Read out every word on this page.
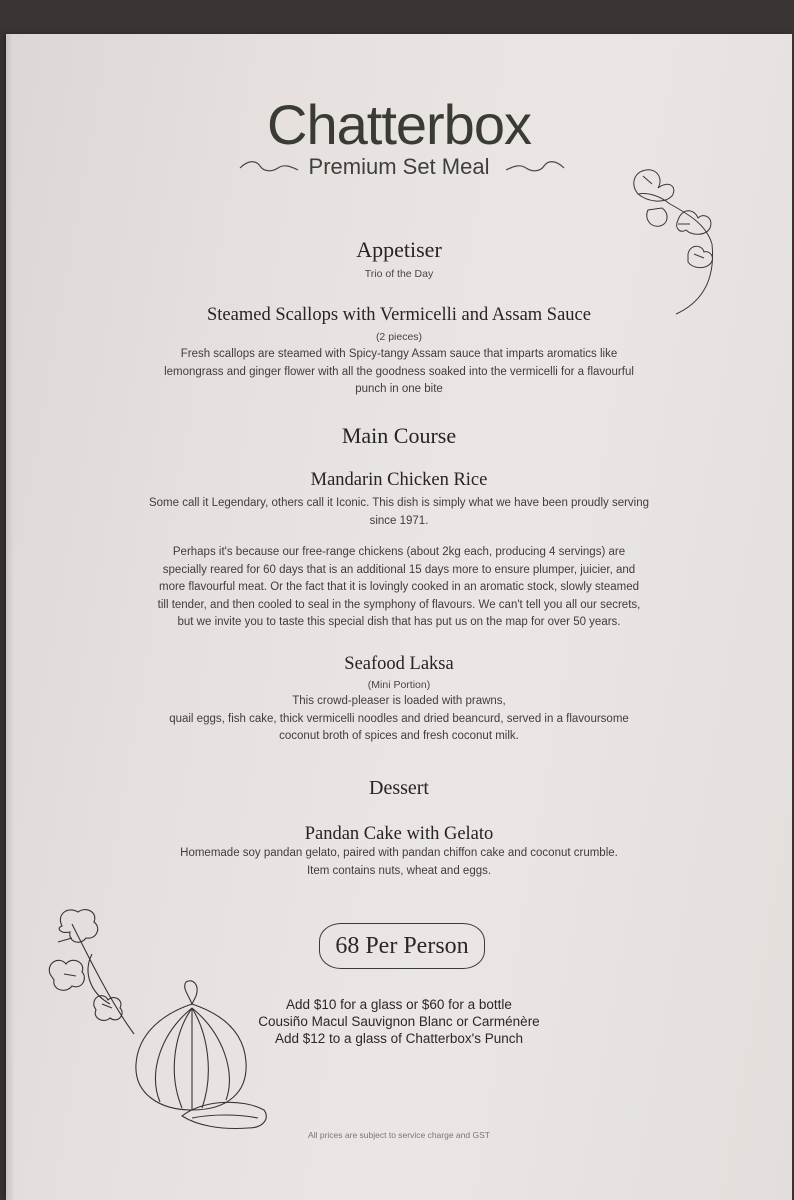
Chatterbox
Premium Set Meal
Appetiser
Trio of the Day
Steamed Scallops with Vermicelli and Assam Sauce
(2 pieces)
Fresh scallops are steamed with Spicy-tangy Assam sauce that imparts aromatics like
lemongrass and ginger flower with all the goodness soaked into the vermicelli for a flavourful
punch in one bite
Main Course
Mandarin Chicken Rice
Some call it Legendary, others call it Iconic. This dish is simply what we have been proudly serving
since 1971.
Perhaps it's because our free-range chickens (about 2kg each, producing 4 servings) are
specially reared for 60 days that is an additional 15 days more to ensure plumper, juicier, and
more flavourful meat. Or the fact that it is lovingly cooked in an aromatic stock, slowly steamed
till tender, and then cooled to seal in the symphony of flavours. We can't tell you all our secrets,
but we invite you to taste this special dish that has put us on the map for over 50 years.
Seafood Laksa
(Mini Portion)
This crowd-pleaser is loaded with prawns,
quail eggs, fish cake, thick vermicelli noodles and dried beancurd, served in a flavoursome
coconut broth of spices and fresh coconut milk.
Dessert
Pandan Cake with Gelato
Homemade soy pandan gelato, paired with pandan chiffon cake and coconut crumble.
Item contains nuts, wheat and eggs.
68 Per Person
Add $10 for a glass or $60 for a bottle
Cousiño Macul Sauvignon Blanc or Carménère
Add $12 to a glass of Chatterbox's Punch
All prices are subject to service charge and GST
